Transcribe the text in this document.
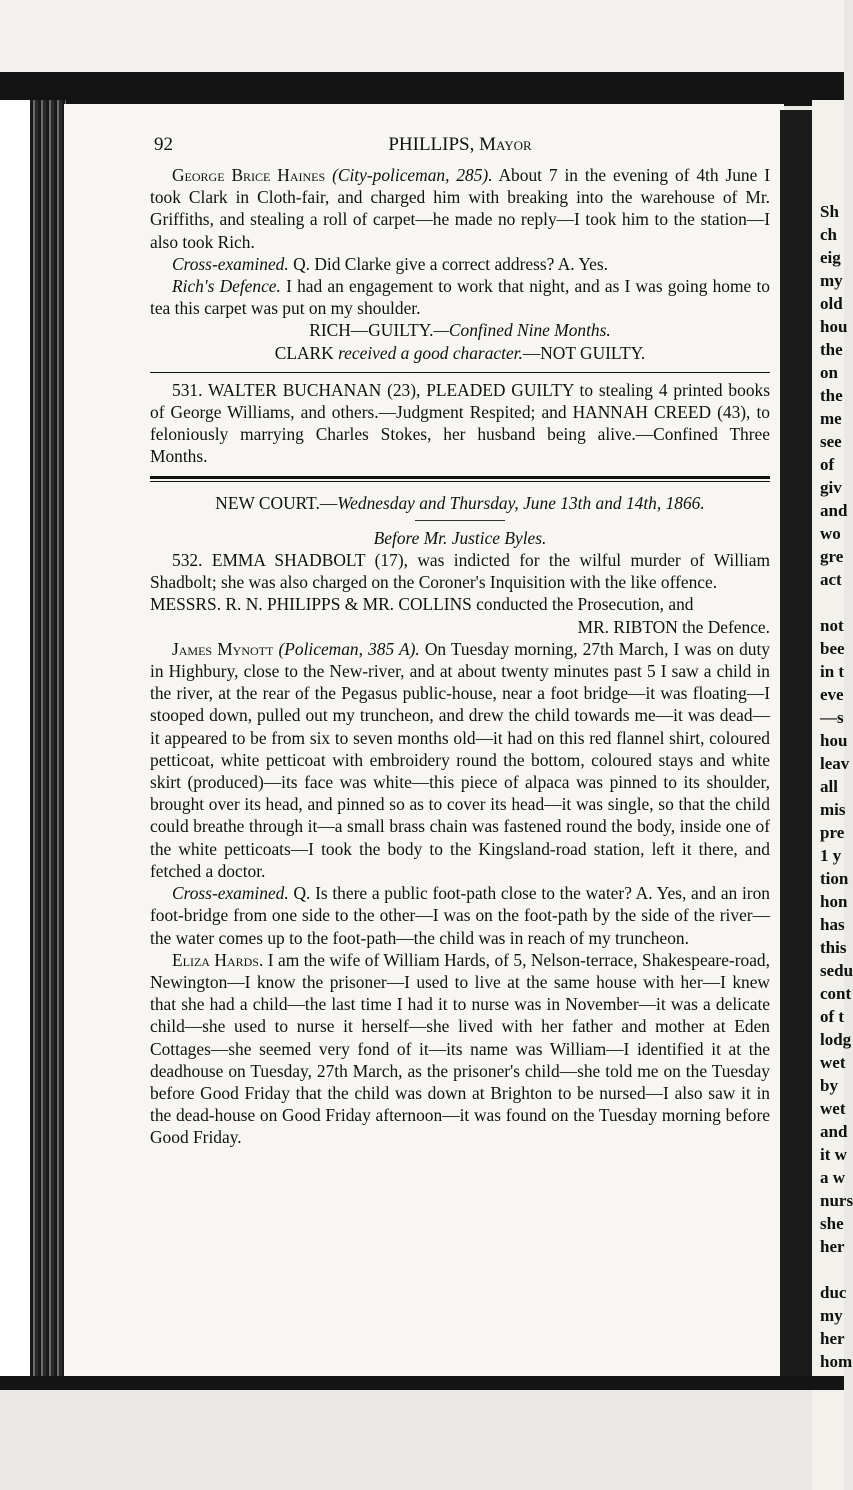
Sh
ch
eig
my
old
hou
the
on
the
me
see
of
giv
and
wo
gre
act

not
bee
in t
eve
—s
hou
leav
all
mis
pre
1 y
tion
hon
has
this
sedu
cont
of t
lodg
wet
by
wet
and
it w
a w
nurs
she
her

duc
my
her
hom
92	PHILLIPS, Mayor

George Brice Haines (City-policeman, 285). About 7 in the evening of 4th June I took Clark in Cloth-fair, and charged him with breaking into the warehouse of Mr. Griffiths, and stealing a roll of carpet—he made no reply—I took him to the station—I also took Rich.

Cross-examined. Q. Did Clarke give a correct address? A. Yes.

Rich's Defence. I had an engagement to work that night, and as I was going home to tea this carpet was put on my shoulder.

RICH—GUILTY.—Confined Nine Months.

CLARK received a good character.—NOT GUILTY.

531. WALTER BUCHANAN (23), PLEADED GUILTY to stealing 4 printed books of George Williams, and others.—Judgment Respited; and HANNAH CREED (43), to feloniously marrying Charles Stokes, her husband being alive.—Confined Three Months.

NEW COURT.—Wednesday and Thursday, June 13th and 14th, 1866.

Before Mr. Justice Byles.

532. EMMA SHADBOLT (17), was indicted for the wilful murder of William Shadbolt; she was also charged on the Coroner's Inquisition with the like offence.

MESSRS. R. N. PHILIPPS & MR. COLLINS conducted the Prosecution, and

MR. RIBTON the Defence.

James Mynott (Policeman, 385 A). On Tuesday morning, 27th March, I was on duty in Highbury, close to the New-river, and at about twenty minutes past 5 I saw a child in the river, at the rear of the Pegasus public-house, near a foot bridge—it was floating—I stooped down, pulled out my truncheon, and drew the child towards me—it was dead—it appeared to be from six to seven months old—it had on this red flannel shirt, coloured petticoat, white petticoat with embroidery round the bottom, coloured stays and white skirt (produced)—its face was white—this piece of alpaca was pinned to its shoulder, brought over its head, and pinned so as to cover its head—it was single, so that the child could breathe through it—a small brass chain was fastened round the body, inside one of the white petticoats—I took the body to the Kingsland-road station, left it there, and fetched a doctor.

Cross-examined. Q. Is there a public foot-path close to the water? A. Yes, and an iron foot-bridge from one side to the other—I was on the foot-path by the side of the river—the water comes up to the foot-path—the child was in reach of my truncheon.

Eliza Hards. I am the wife of William Hards, of 5, Nelson-terrace, Shakespeare-road, Newington—I know the prisoner—I used to live at the same house with her—I knew that she had a child—the last time I had it to nurse was in November—it was a delicate child—she used to nurse it herself—she lived with her father and mother at Eden Cottages—she seemed very fond of it—its name was William—I identified it at the deadhouse on Tuesday, 27th March, as the prisoner's child—she told me on the Tuesday before Good Friday that the child was down at Brighton to be nursed—I also saw it in the dead-house on Good Friday afternoon—it was found on the Tuesday morning before Good Friday.
